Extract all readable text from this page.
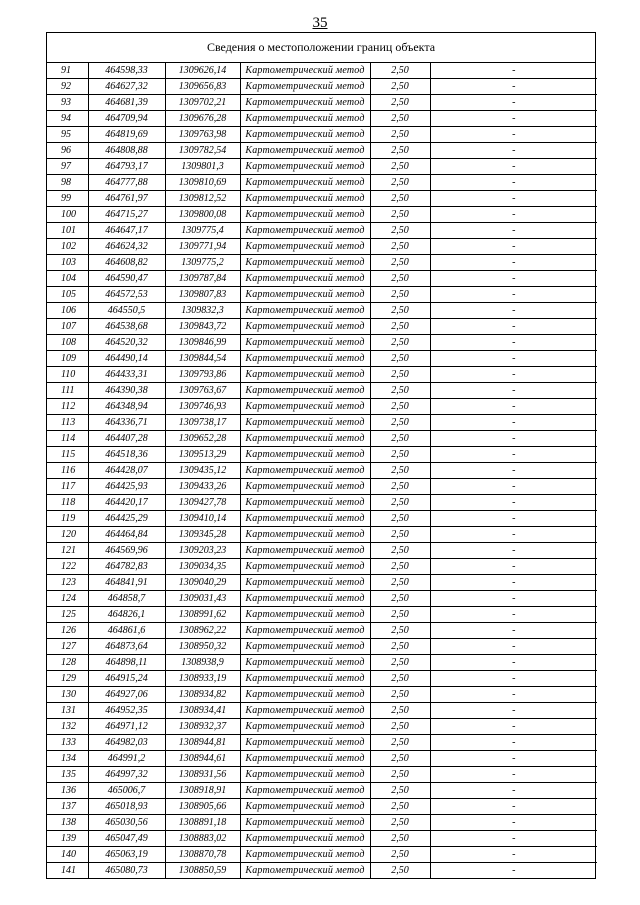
35
Сведения о местоположении границ объекта
91	464598,33	1309626,14	Картометрический метод	2,50	-
92	464627,32	1309656,83	Картометрический метод	2,50	-
93	464681,39	1309702,21	Картометрический метод	2,50	-
94	464709,94	1309676,28	Картометрический метод	2,50	-
95	464819,69	1309763,98	Картометрический метод	2,50	-
96	464808,88	1309782,54	Картометрический метод	2,50	-
97	464793,17	1309801,3	Картометрический метод	2,50	-
98	464777,88	1309810,69	Картометрический метод	2,50	-
99	464761,97	1309812,52	Картометрический метод	2,50	-
100	464715,27	1309800,08	Картометрический метод	2,50	-
101	464647,17	1309775,4	Картометрический метод	2,50	-
102	464624,32	1309771,94	Картометрический метод	2,50	-
103	464608,82	1309775,2	Картометрический метод	2,50	-
104	464590,47	1309787,84	Картометрический метод	2,50	-
105	464572,53	1309807,83	Картометрический метод	2,50	-
106	464550,5	1309832,3	Картометрический метод	2,50	-
107	464538,68	1309843,72	Картометрический метод	2,50	-
108	464520,32	1309846,99	Картометрический метод	2,50	-
109	464490,14	1309844,54	Картометрический метод	2,50	-
110	464433,31	1309793,86	Картометрический метод	2,50	-
111	464390,38	1309763,67	Картометрический метод	2,50	-
112	464348,94	1309746,93	Картометрический метод	2,50	-
113	464336,71	1309738,17	Картометрический метод	2,50	-
114	464407,28	1309652,28	Картометрический метод	2,50	-
115	464518,36	1309513,29	Картометрический метод	2,50	-
116	464428,07	1309435,12	Картометрический метод	2,50	-
117	464425,93	1309433,26	Картометрический метод	2,50	-
118	464420,17	1309427,78	Картометрический метод	2,50	-
119	464425,29	1309410,14	Картометрический метод	2,50	-
120	464464,84	1309345,28	Картометрический метод	2,50	-
121	464569,96	1309203,23	Картометрический метод	2,50	-
122	464782,83	1309034,35	Картометрический метод	2,50	-
123	464841,91	1309040,29	Картометрический метод	2,50	-
124	464858,7	1309031,43	Картометрический метод	2,50	-
125	464826,1	1308991,62	Картометрический метод	2,50	-
126	464861,6	1308962,22	Картометрический метод	2,50	-
127	464873,64	1308950,32	Картометрический метод	2,50	-
128	464898,11	1308938,9	Картометрический метод	2,50	-
129	464915,24	1308933,19	Картометрический метод	2,50	-
130	464927,06	1308934,82	Картометрический метод	2,50	-
131	464952,35	1308934,41	Картометрический метод	2,50	-
132	464971,12	1308932,37	Картометрический метод	2,50	-
133	464982,03	1308944,81	Картометрический метод	2,50	-
134	464991,2	1308944,61	Картометрический метод	2,50	-
135	464997,32	1308931,56	Картометрический метод	2,50	-
136	465006,7	1308918,91	Картометрический метод	2,50	-
137	465018,93	1308905,66	Картометрический метод	2,50	-
138	465030,56	1308891,18	Картометрический метод	2,50	-
139	465047,49	1308883,02	Картометрический метод	2,50	-
140	465063,19	1308870,78	Картометрический метод	2,50	-
141	465080,73	1308850,59	Картометрический метод	2,50	-
